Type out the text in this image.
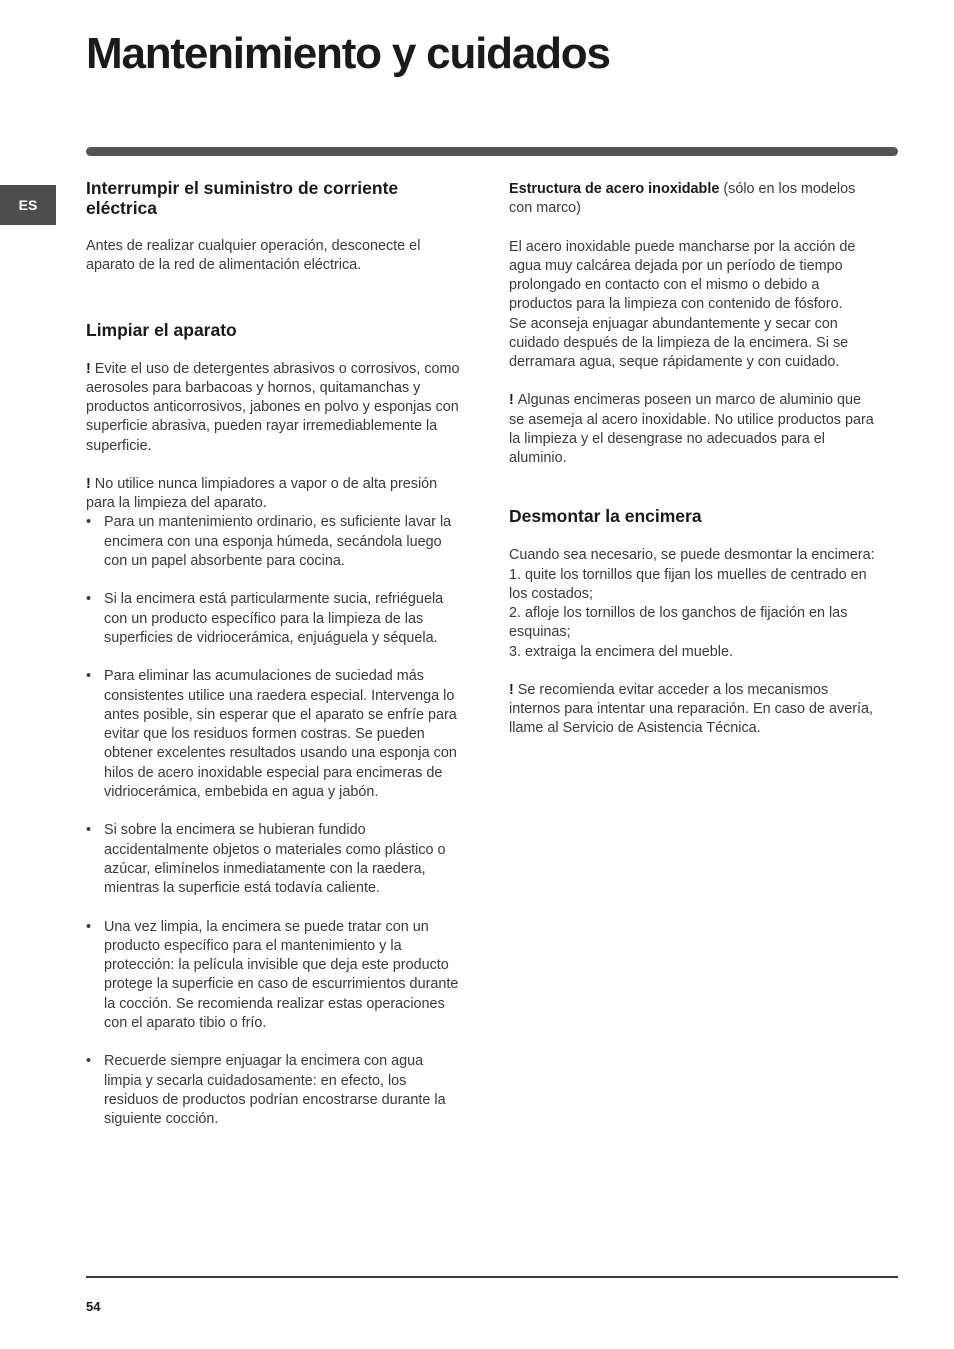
Mantenimiento y cuidados
ES
Interrumpir el suministro de corriente eléctrica

Antes de realizar cualquier operación, desconecte el aparato de la red de alimentación eléctrica.

Limpiar el aparato

! Evite el uso de detergentes abrasivos o corrosivos, como aerosoles para barbacoas y hornos, quitamanchas y productos anticorrosivos, jabones en polvo y esponjas con superficie abrasiva, pueden rayar irremediablemente la superficie.

! No utilice nunca limpiadores a vapor o de alta presión para la limpieza del aparato.

• Para un mantenimiento ordinario, es suficiente lavar la encimera con una esponja húmeda, secándola luego con un papel absorbente para cocina.
• Si la encimera está particularmente sucia, refriéguela con un producto específico para la limpieza de las superficies de vidriocerámica, enjuáguela y séquela.
• Para eliminar las acumulaciones de suciedad más consistentes utilice una raedera especial. Intervenga lo antes posible, sin esperar que el aparato se enfríe para evitar que los residuos formen costras. Se pueden obtener excelentes resultados usando una esponja con hilos de acero inoxidable especial para encimeras de vidriocerámica, embebida en agua y jabón.
• Si sobre la encimera se hubieran fundido accidentalmente objetos o materiales como plástico o azúcar, elimínelos inmediatamente con la raedera, mientras la superficie está todavía caliente.
• Una vez limpia, la encimera se puede tratar con un producto específico para el mantenimiento y la protección: la película invisible que deja este producto protege la superficie en caso de escurrimientos durante la cocción. Se recomienda realizar estas operaciones con el aparato tibio o frío.
• Recuerde siempre enjuagar la encimera con agua limpia y secarla cuidadosamente: en efecto, los residuos de productos podrían encostrarse durante la siguiente cocción.

Estructura de acero inoxidable (sólo en los modelos con marco)

El acero inoxidable puede mancharse por la acción de agua muy calcárea dejada por un período de tiempo prolongado en contacto con el mismo o debido a productos para la limpieza con contenido de fósforo.

Se aconseja enjuagar abundantemente y secar con cuidado después de la limpieza de la encimera. Si se derramara agua, seque rápidamente y con cuidado.

! Algunas encimeras poseen un marco de aluminio que se asemeja al acero inoxidable. No utilice productos para la limpieza y el desengrase no adecuados para el aluminio.

Desmontar la encimera

Cuando sea necesario, se puede desmontar la encimera:

1. quite los tornillos que fijan los muelles de centrado en los costados;

2. afloje los tornillos de los ganchos de fijación en las esquinas;

3. extraiga la encimera del mueble.

! Se recomienda evitar acceder a los mecanismos internos para intentar una reparación. En caso de avería, llame al Servicio de Asistencia Técnica.

54
